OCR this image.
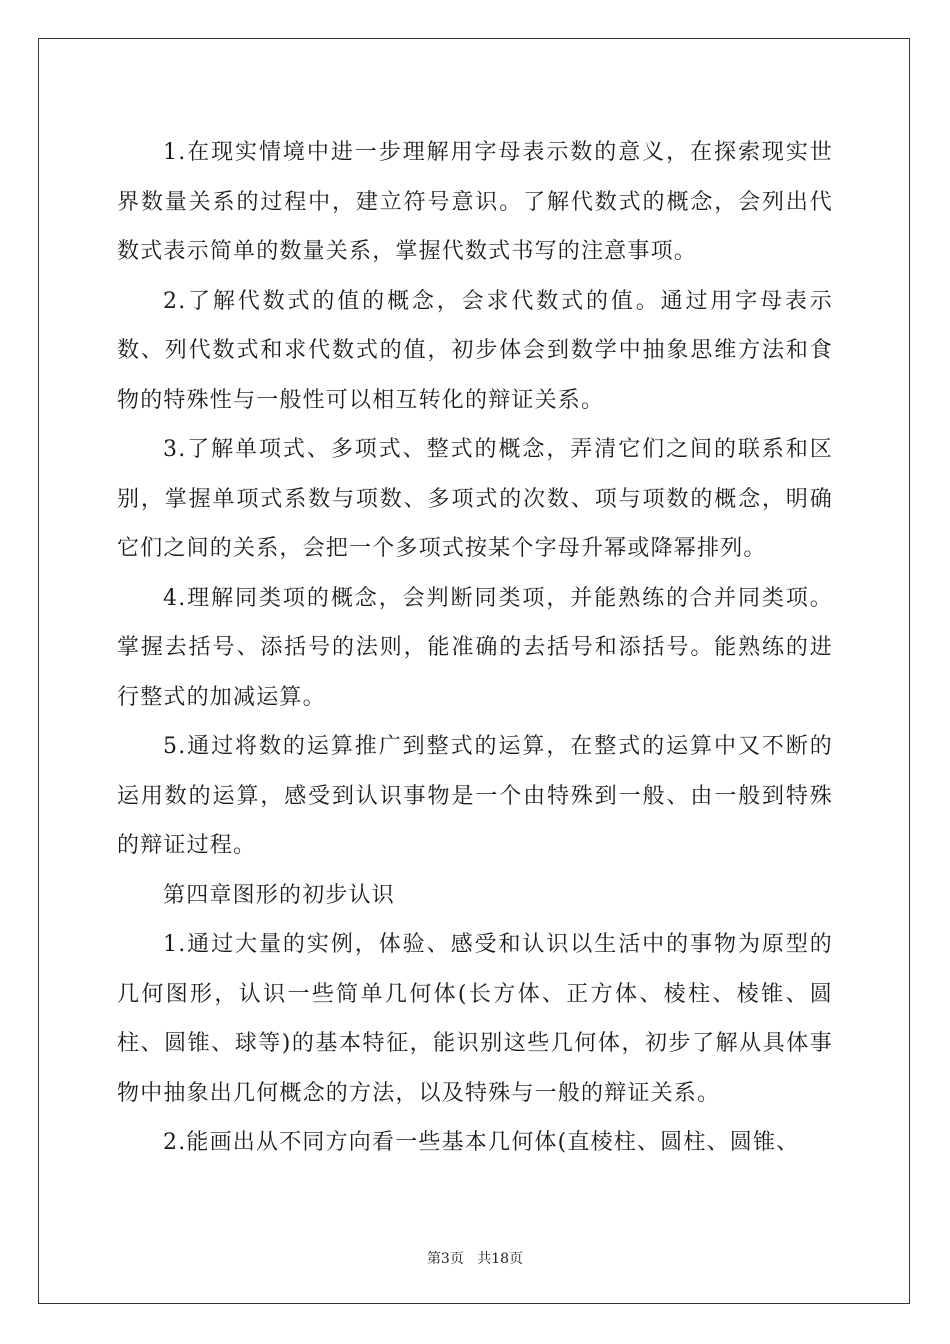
1.在现实情境中进一步理解用字母表示数的意义，在探索现实世界数量关系的过程中，建立符号意识。了解代数式的概念，会列出代数式表示简单的数量关系，掌握代数式书写的注意事项。

2.了解代数式的值的概念，会求代数式的值。通过用字母表示数、列代数式和求代数式的值，初步体会到数学中抽象思维方法和食物的特殊性与一般性可以相互转化的辩证关系。

3.了解单项式、多项式、整式的概念，弄清它们之间的联系和区别，掌握单项式系数与项数、多项式的次数、项与项数的概念，明确它们之间的关系，会把一个多项式按某个字母升幂或降幂排列。

4.理解同类项的概念，会判断同类项，并能熟练的合并同类项。掌握去括号、添括号的法则，能准确的去括号和添括号。能熟练的进行整式的加减运算。

5.通过将数的运算推广到整式的运算，在整式的运算中又不断的运用数的运算，感受到认识事物是一个由特殊到一般、由一般到特殊的辩证过程。

第四章图形的初步认识

1.通过大量的实例，体验、感受和认识以生活中的事物为原型的几何图形，认识一些简单几何体(长方体、正方体、棱柱、棱锥、圆柱、圆锥、球等)的基本特征，能识别这些几何体，初步了解从具体事物中抽象出几何概念的方法，以及特殊与一般的辩证关系。

2.能画出从不同方向看一些基本几何体(直棱柱、圆柱、圆锥、

第3页 共18页
